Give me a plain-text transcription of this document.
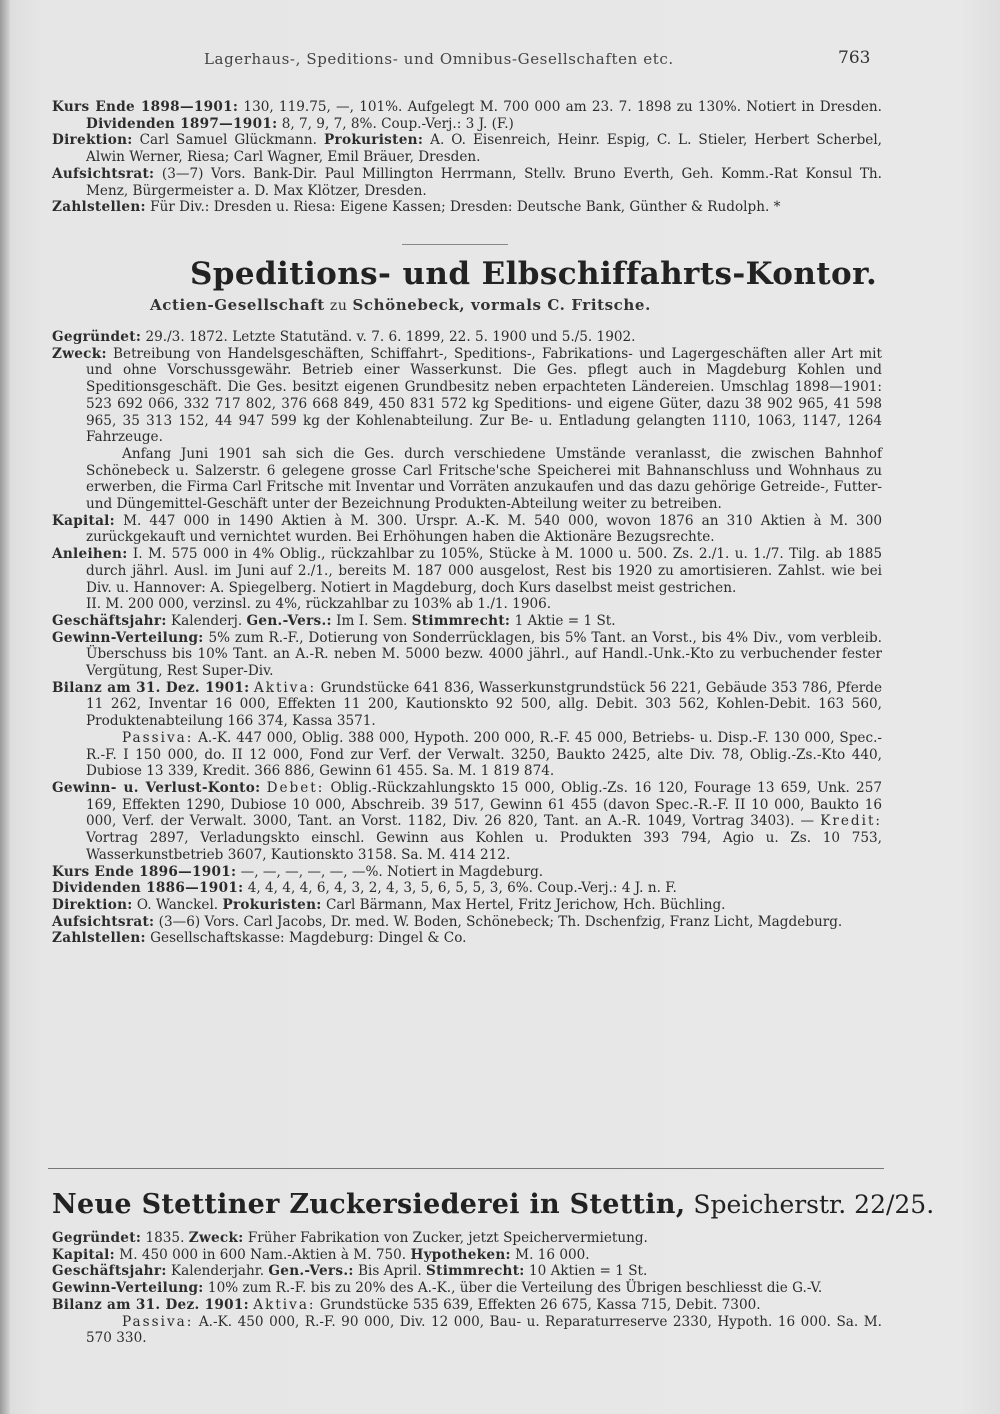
Lagerhaus-, Speditions- und Omnibus-Gesellschaften etc.	763

Kurs Ende 1898—1901: 130, 119.75, —, 101%. Aufgelegt M. 700 000 am 23. 7. 1898 zu 130%. Notiert in Dresden. Dividenden 1897—1901: 8, 7, 9, 7, 8%. Coup.-Verj.: 3 J. (F.)

Direktion: Carl Samuel Glückmann. Prokuristen: A. O. Eisenreich, Heinr. Espig, C. L. Stieler, Herbert Scherbel, Alwin Werner, Riesa; Carl Wagner, Emil Bräuer, Dresden.

Aufsichtsrat: (3—7) Vors. Bank-Dir. Paul Millington Herrmann, Stellv. Bruno Everth, Geh. Komm.-Rat Konsul Th. Menz, Bürgermeister a. D. Max Klötzer, Dresden.

Zahlstellen: Für Div.: Dresden u. Riesa: Eigene Kassen; Dresden: Deutsche Bank, Günther & Rudolph. *

Speditions- und Elbschiffahrts-Kontor.
Actien-Gesellschaft zu Schönebeck, vormals C. Fritsche.

Gegründet: 29./3. 1872. Letzte Statutänd. v. 7. 6. 1899, 22. 5. 1900 und 5./5. 1902.

Zweck: Betreibung von Handelsgeschäften, Schiffahrt-, Speditions-, Fabrikations- und Lagergeschäften aller Art mit und ohne Vorschussgewähr. Betrieb einer Wasserkunst. Die Ges. pflegt auch in Magdeburg Kohlen und Speditionsgeschäft. Die Ges. besitzt eigenen Grundbesitz neben erpachteten Ländereien. Umschlag 1898—1901: 523 692 066, 332 717 802, 376 668 849, 450 831 572 kg Speditions- und eigene Güter, dazu 38 902 965, 41 598 965, 35 313 152, 44 947 599 kg der Kohlenabteilung. Zur Be- u. Entladung gelangten 1110, 1063, 1147, 1264 Fahrzeuge.

Anfang Juni 1901 sah sich die Ges. durch verschiedene Umstände veranlasst, die zwischen Bahnhof Schönebeck u. Salzerstr. 6 gelegene grosse Carl Fritsche'sche Speicherei mit Bahnanschluss und Wohnhaus zu erwerben, die Firma Carl Fritsche mit Inventar und Vorräten anzukaufen und das dazu gehörige Getreide-, Futter- und Düngemittel-Geschäft unter der Bezeichnung Produkten-Abteilung weiter zu betreiben.

Kapital: M. 447 000 in 1490 Aktien à M. 300. Urspr. A.-K. M. 540 000, wovon 1876 an 310 Aktien à M. 300 zurückgekauft und vernichtet wurden. Bei Erhöhungen haben die Aktionäre Bezugsrechte.

Anleihen: I. M. 575 000 in 4% Oblig., rückzahlbar zu 105%, Stücke à M. 1000 u. 500. Zs. 2./1. u. 1./7. Tilg. ab 1885 durch jährl. Ausl. im Juni auf 2./1., bereits M. 187 000 ausgelost, Rest bis 1920 zu amortisieren. Zahlst. wie bei Div. u. Hannover: A. Spiegelberg. Notiert in Magdeburg, doch Kurs daselbst meist gestrichen.

II. M. 200 000, verzinsl. zu 4%, rückzahlbar zu 103% ab 1./1. 1906.

Geschäftsjahr: Kalenderj. Gen.-Vers.: Im I. Sem. Stimmrecht: 1 Aktie = 1 St.

Gewinn-Verteilung: 5% zum R.-F., Dotierung von Sonderrücklagen, bis 5% Tant. an Vorst., bis 4% Div., vom verbleib. Überschuss bis 10% Tant. an A.-R. neben M. 5000 bezw. 4000 jährl., auf Handl.-Unk.-Kto zu verbuchender fester Vergütung, Rest Super-Div.

Bilanz am 31. Dez. 1901: Aktiva: Grundstücke 641 836, Wasserkunstgrundstück 56 221, Gebäude 353 786, Pferde 11 262, Inventar 16 000, Effekten 11 200, Kautionskto 92 500, allg. Debit. 303 562, Kohlen-Debit. 163 560, Produktenabteilung 166 374, Kassa 3571.

Passiva: A.-K. 447 000, Oblig. 388 000, Hypoth. 200 000, R.-F. 45 000, Betriebs- u. Disp.-F. 130 000, Spec.-R.-F. I 150 000, do. II 12 000, Fond zur Verf. der Verwalt. 3250, Baukto 2425, alte Div. 78, Oblig.-Zs.-Kto 440, Dubiose 13 339, Kredit. 366 886, Gewinn 61 455. Sa. M. 1 819 874.

Gewinn- u. Verlust-Konto: Debet: Oblig.-Rückzahlungskto 15 000, Oblig.-Zs. 16 120, Fourage 13 659, Unk. 257 169, Effekten 1290, Dubiose 10 000, Abschreib. 39 517, Gewinn 61 455 (davon Spec.-R.-F. II 10 000, Baukto 16 000, Verf. der Verwalt. 3000, Tant. an Vorst. 1182, Div. 26 820, Tant. an A.-R. 1049, Vortrag 3403). — Kredit: Vortrag 2897, Verladungskto einschl. Gewinn aus Kohlen u. Produkten 393 794, Agio u. Zs. 10 753, Wasserkunstbetrieb 3607, Kautionskto 3158. Sa. M. 414 212.

Kurs Ende 1896—1901: —, —, —, —, —, —%. Notiert in Magdeburg.

Dividenden 1886—1901: 4, 4, 4, 4, 6, 4, 3, 2, 4, 3, 5, 6, 5, 5, 3, 6%. Coup.-Verj.: 4 J. n. F.

Direktion: O. Wanckel. Prokuristen: Carl Bärmann, Max Hertel, Fritz Jerichow, Hch. Büchling.

Aufsichtsrat: (3—6) Vors. Carl Jacobs, Dr. med. W. Boden, Schönebeck; Th. Dschenfzig, Franz Licht, Magdeburg.

Zahlstellen: Gesellschaftskasse: Magdeburg: Dingel & Co.

Neue Stettiner Zuckersiederei in Stettin, Speicherstr. 22/25.

Gegründet: 1835. Zweck: Früher Fabrikation von Zucker, jetzt Speichervermietung.

Kapital: M. 450 000 in 600 Nam.-Aktien à M. 750. Hypotheken: M. 16 000.

Geschäftsjahr: Kalenderjahr. Gen.-Vers.: Bis April. Stimmrecht: 10 Aktien = 1 St.

Gewinn-Verteilung: 10% zum R.-F. bis zu 20% des A.-K., über die Verteilung des Übrigen beschliesst die G.-V.

Bilanz am 31. Dez. 1901: Aktiva: Grundstücke 535 639, Effekten 26 675, Kassa 715, Debit. 7300.

Passiva: A.-K. 450 000, R.-F. 90 000, Div. 12 000, Bau- u. Reparaturreserve 2330, Hypoth. 16 000. Sa. M. 570 330.
